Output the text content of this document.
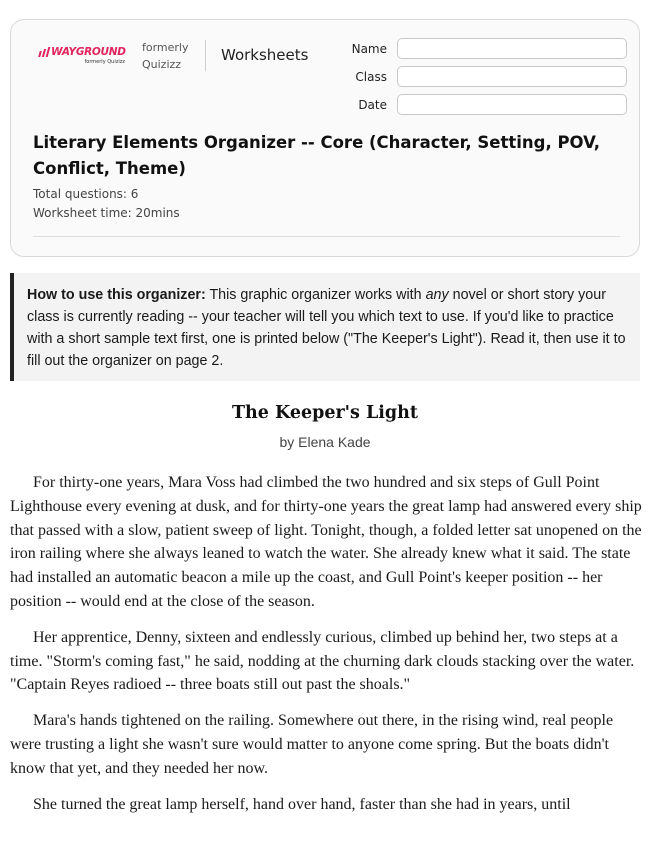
WAYGROUND
formerly Quizizz
formerly
Quizizz
Worksheets	Name
Class
Date
Literary Elements Organizer -- Core (Character, Setting, POV, Conflict, Theme)
Total questions: 6
Worksheet time: 20mins
How to use this organizer: This graphic organizer works with any novel or short story your class is currently reading -- your teacher will tell you which text to use. If you'd like to practice with a short sample text first, one is printed below ("The Keeper's Light"). Read it, then use it to fill out the organizer on page 2.
The Keeper's Light
by Elena Kade

For thirty-one years, Mara Voss had climbed the two hundred and six steps of Gull Point Lighthouse every evening at dusk, and for thirty-one years the great lamp had answered every ship that passed with a slow, patient sweep of light. Tonight, though, a folded letter sat unopened on the iron railing where she always leaned to watch the water. She already knew what it said. The state had installed an automatic beacon a mile up the coast, and Gull Point's keeper position -- her position -- would end at the close of the season.

Her apprentice, Denny, sixteen and endlessly curious, climbed up behind her, two steps at a time. "Storm's coming fast," he said, nodding at the churning dark clouds stacking over the water. "Captain Reyes radioed -- three boats still out past the shoals."

Mara's hands tightened on the railing. Somewhere out there, in the rising wind, real people were trusting a light she wasn't sure would matter to anyone come spring. But the boats didn't know that yet, and they needed her now.

She turned the great lamp herself, hand over hand, faster than she had in years, until
